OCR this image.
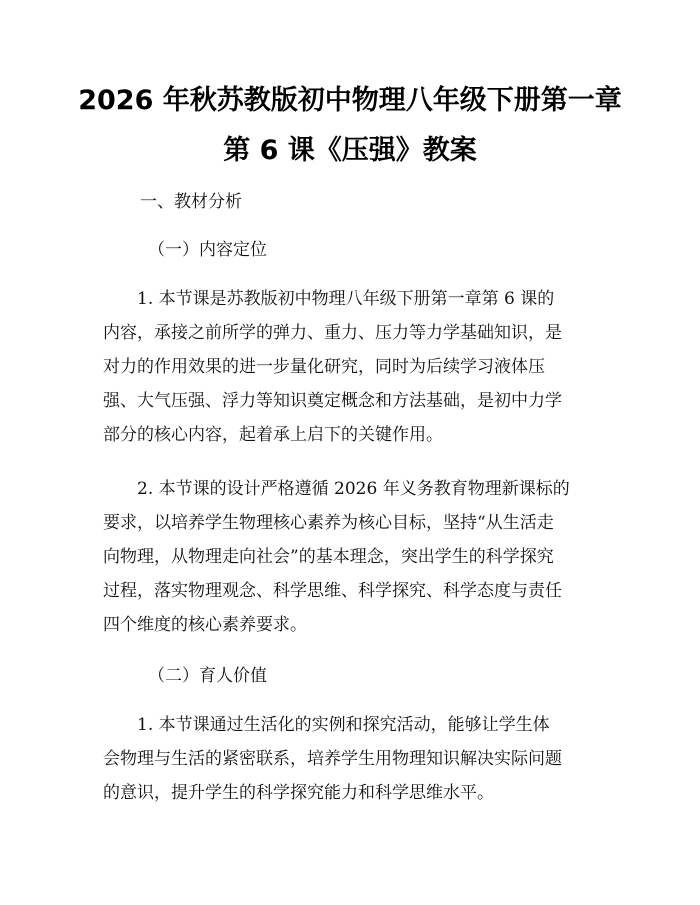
2026 年秋苏教版初中物理八年级下册第一章
第 6 课《压强》教案
一、教材分析
（一）内容定位
1. 本节课是苏教版初中物理八年级下册第一章第 6 课的
内容，承接之前所学的弹力、重力、压力等力学基础知识，是
对力的作用效果的进一步量化研究，同时为后续学习液体压
强、大气压强、浮力等知识奠定概念和方法基础，是初中力学
部分的核心内容，起着承上启下的关键作用。
2. 本节课的设计严格遵循 2026 年义务教育物理新课标的
要求，以培养学生物理核心素养为核心目标，坚持“从生活走
向物理，从物理走向社会”的基本理念，突出学生的科学探究
过程，落实物理观念、科学思维、科学探究、科学态度与责任
四个维度的核心素养要求。
（二）育人价值
1. 本节课通过生活化的实例和探究活动，能够让学生体
会物理与生活的紧密联系，培养学生用物理知识解决实际问题
的意识，提升学生的科学探究能力和科学思维水平。
